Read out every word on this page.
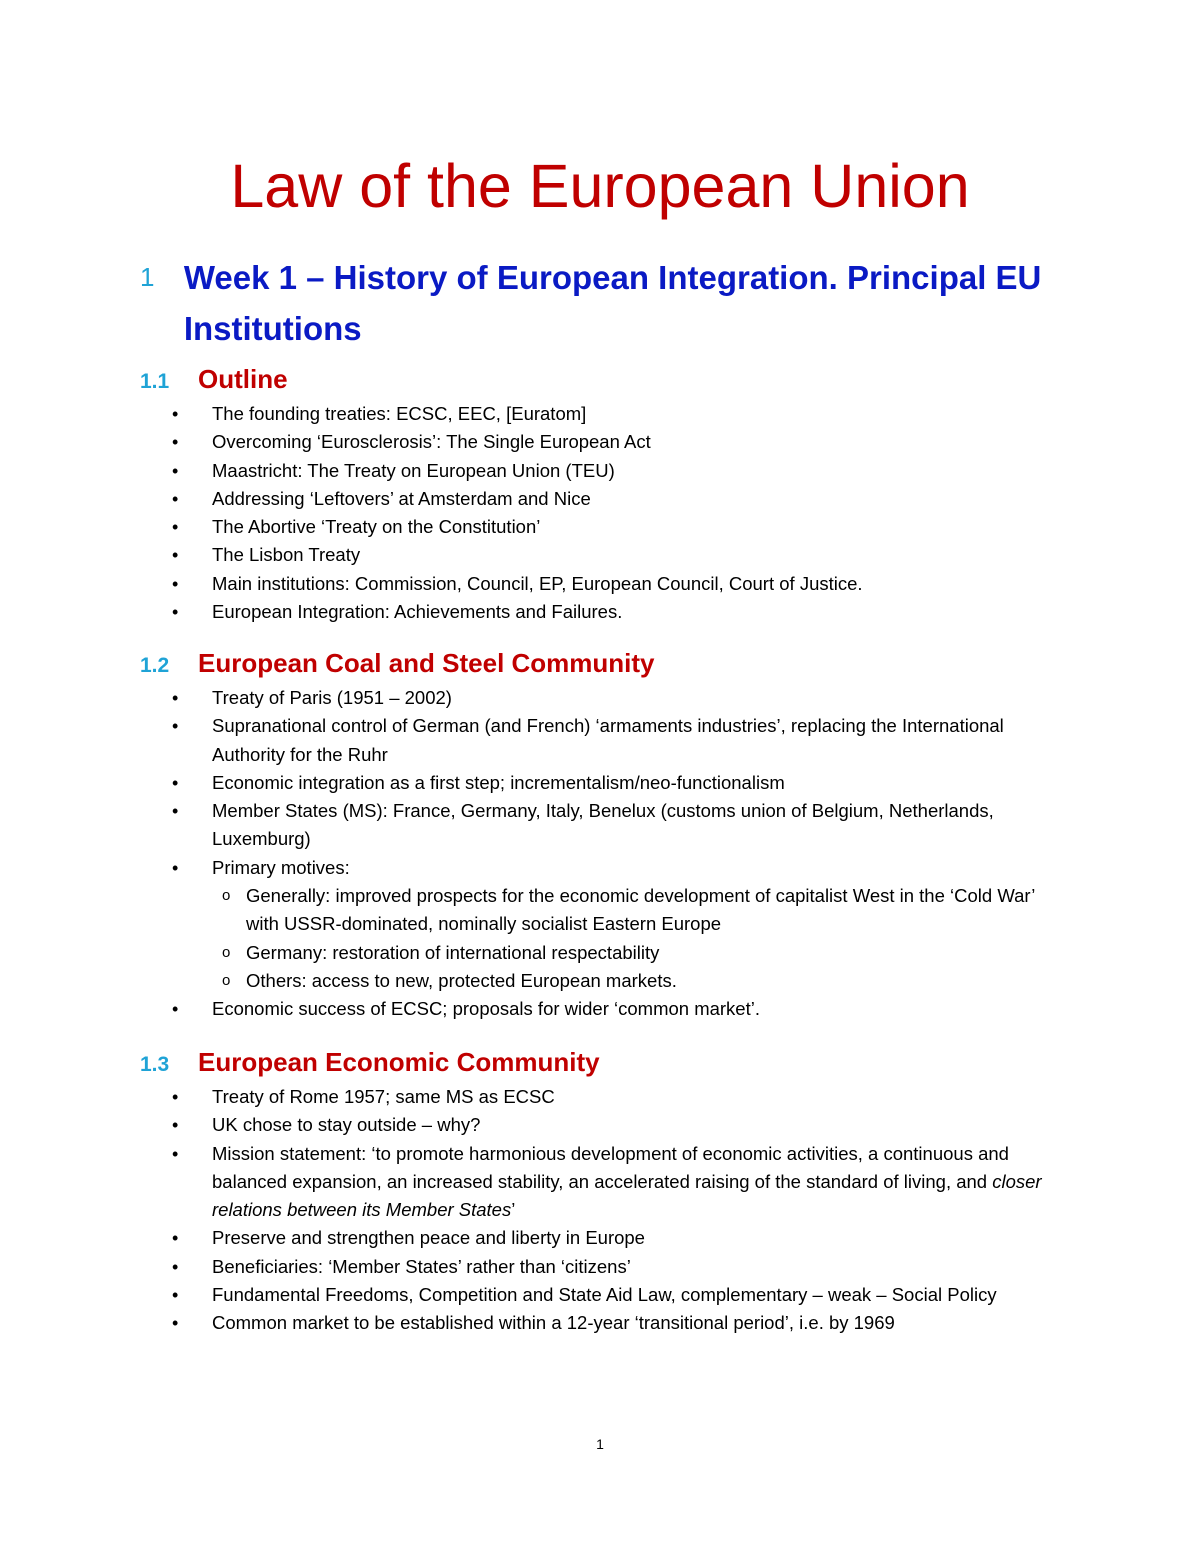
Law of the European Union
1 Week 1 – History of European Integration. Principal EU Institutions
1.1	Outline
• The founding treaties: ECSC, EEC, [Euratom]
• Overcoming ‘Eurosclerosis’: The Single European Act
• Maastricht: The Treaty on European Union (TEU)
• Addressing ‘Leftovers’ at Amsterdam and Nice
• The Abortive ‘Treaty on the Constitution’
• The Lisbon Treaty
• Main institutions: Commission, Council, EP, European Council, Court of Justice.
• European Integration: Achievements and Failures.
1.2	European Coal and Steel Community
• Treaty of Paris (1951 – 2002)
• Supranational control of German (and French) ‘armaments industries’, replacing the International Authority for the Ruhr
• Economic integration as a first step; incrementalism/neo-functionalism
• Member States (MS): France, Germany, Italy, Benelux (customs union of Belgium, Netherlands, Luxemburg)
• Primary motives:
o Generally: improved prospects for the economic development of capitalist West in the ‘Cold War’ with USSR-dominated, nominally socialist Eastern Europe
o Germany: restoration of international respectability
o Others: access to new, protected European markets.
• Economic success of ECSC; proposals for wider ‘common market’.
1.3	European Economic Community
• Treaty of Rome 1957; same MS as ECSC
• UK chose to stay outside – why?
• Mission statement: ‘to promote harmonious development of economic activities, a continuous and balanced expansion, an increased stability, an accelerated raising of the standard of living, and closer relations between its Member States’
• Preserve and strengthen peace and liberty in Europe
• Beneficiaries: ‘Member States’ rather than ‘citizens’
• Fundamental Freedoms, Competition and State Aid Law, complementary – weak – Social Policy
• Common market to be established within a 12-year ‘transitional period’, i.e. by 1969
1
